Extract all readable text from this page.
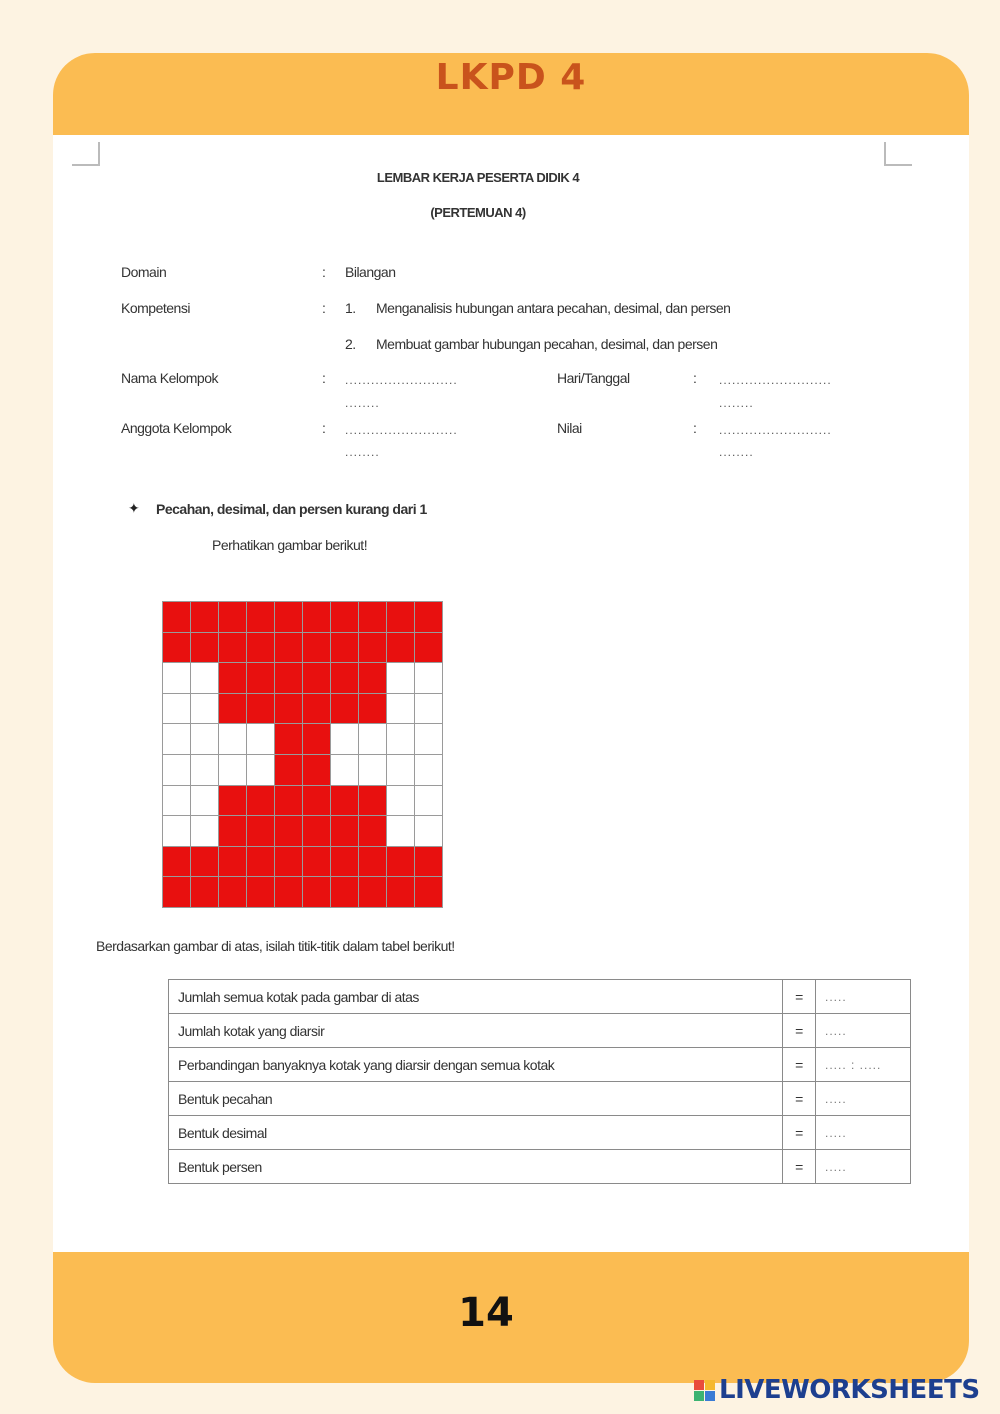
LKPD 4
14
LEMBAR KERJA PESERTA DIDIK 4
(PERTEMUAN 4)
Domain	: Bilangan
Kompetensi	: 1. Menganalisis hubungan antara pecahan, desimal, dan persen
2. Membuat gambar hubungan pecahan, desimal, dan persen
Nama Kelompok	: ..........................
........
Hari/Tanggal	: ..........................
........
Anggota Kelompok	: ..........................
........
Nilai	: ..........................
........
✦ Pecahan, desimal, dan persen kurang dari 1
Perhatikan gambar berikut!
Berdasarkan gambar di atas, isilah titik-titik dalam tabel berikut!
Jumlah semua kotak pada gambar di atas	=	.....
Jumlah kotak yang diarsir	=	.....
Perbandingan banyaknya kotak yang diarsir dengan semua kotak	=	..... : .....
Bentuk pecahan	=	.....
Bentuk desimal	=	.....
Bentuk persen	=	.....
LIVEWORKSHEETS
